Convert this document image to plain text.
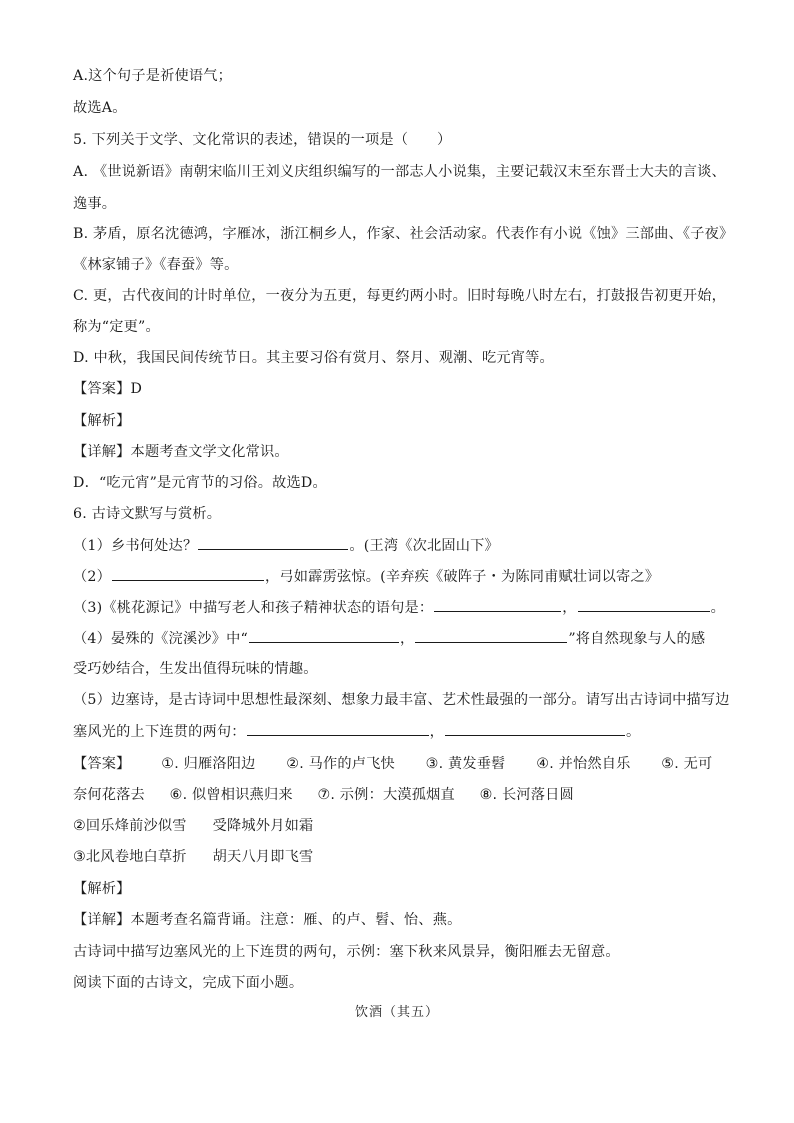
A.这个句子是祈使语气；
故选A。
5. 下列关于文学、文化常识的表述，错误的一项是（　　）
A. 《世说新语》南朝宋临川王刘义庆组织编写的一部志人小说集，主要记载汉末至东晋士大夫的言谈、
逸事。
B. 茅盾，原名沈德鸿，字雁冰，浙江桐乡人，作家、社会活动家。代表作有小说《蚀》三部曲、《子夜》
《林家铺子》《春蚕》等。
C. 更，古代夜间的计时单位，一夜分为五更，每更约两小时。旧时每晚八时左右，打鼓报告初更开始，
称为“定更”。
D. 中秋，我国民间传统节日。其主要习俗有赏月、祭月、观潮、吃元宵等。
【答案】D
【解析】
【详解】本题考查文学文化常识。
D．“吃元宵”是元宵节的习俗。故选D。
6. 古诗文默写与赏析。
（1）乡书何处达？	。(王湾《次北固山下》
（2）	，弓如霹雳弦惊。(辛弃疾《破阵子・为陈同甫赋壮词以寄之》
（3)《桃花源记》中描写老人和孩子精神状态的语句是：	，	。
（4）晏殊的《浣溪沙》中“	，	”将自然现象与人的感
受巧妙结合，生发出值得玩味的情趣。
（5）边塞诗，是古诗词中思想性最深刻、想象力最丰富、艺术性最强的一部分。请写出古诗词中描写边
塞风光的上下连贯的两句：	，	。
【答案】 ①. 归雁洛阳边 ②. 马作的卢飞快 ③. 黄发垂髫 ④. 并怡然自乐 ⑤. 无可
奈何花落去 ⑥. 似曾相识燕归来 ⑦. 示例：大漠孤烟直 ⑧. 长河落日圆
②回乐烽前沙似雪 受降城外月如霜
③北风卷地白草折 胡天八月即飞雪
【解析】
【详解】本题考查名篇背诵。注意：雁、的卢、髫、怡、燕。
古诗词中描写边塞风光的上下连贯的两句，示例：塞下秋来风景异，衡阳雁去无留意。
阅读下面的古诗文，完成下面小题。
饮酒（其五）
